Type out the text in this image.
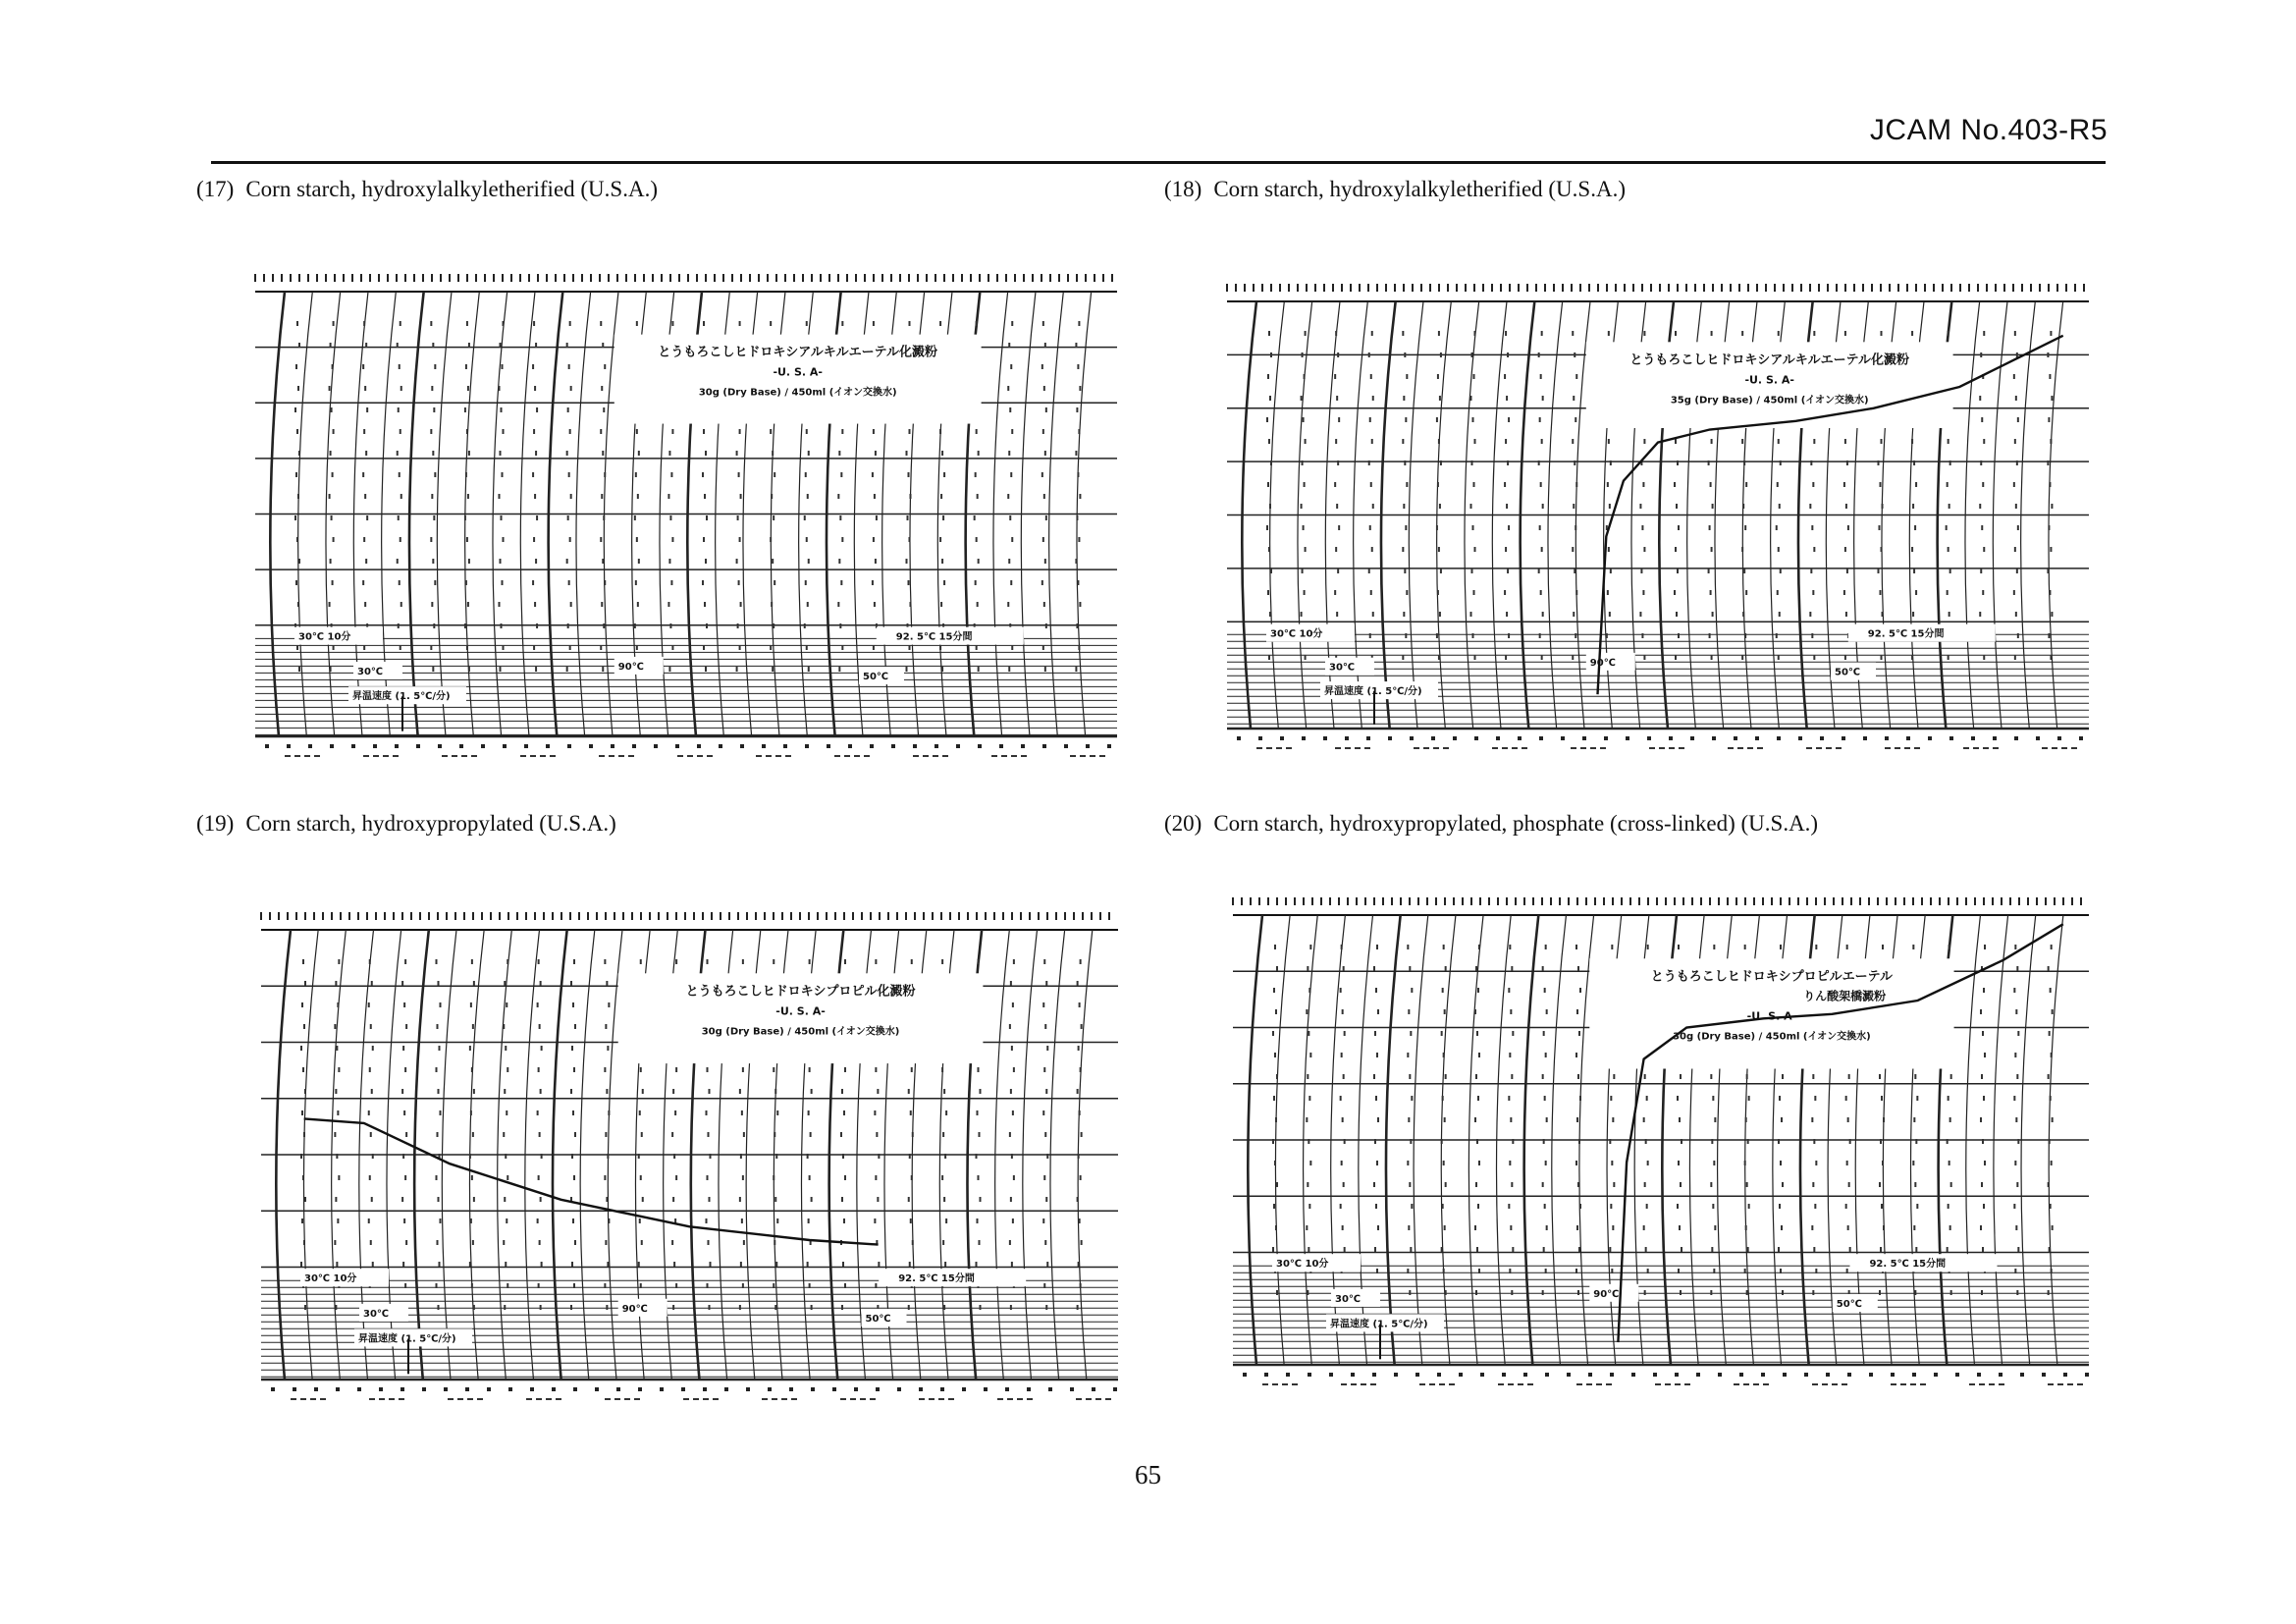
JCAM No.403-R5
(17) Corn starch, hydroxylalkyletherified (U.S.A.)	(18) Corn starch, hydroxylalkyletherified (U.S.A.)
(19) Corn starch, hydroxypropylated (U.S.A.)	(20) Corn starch, hydroxypropylated, phosphate (cross-linked) (U.S.A.)
とうもろこしヒドロキシアルキルエーテル化澱粉
-U. S. A-
30g (Dry Base) / 450ml (イオン交換水)
30℃ 10分
30℃
昇温速度 (1. 5℃/分)
90℃
92. 5℃ 15分間
50℃
とうもろこしヒドロキシアルキルエーテル化澱粉
-U. S. A-
35g (Dry Base) / 450ml (イオン交換水)
30℃ 10分
30℃
昇温速度 (1. 5℃/分)
90℃
92. 5℃ 15分間
50℃
とうもろこしヒドロキシプロピル化澱粉
-U. S. A-
30g (Dry Base) / 450ml (イオン交換水)
30℃ 10分
30℃
昇温速度 (1. 5℃/分)
90℃
92. 5℃ 15分間
50℃
とうもろこしヒドロキシプロピルエーテル
りん酸架橋澱粉
-U. S. A-
30g (Dry Base) / 450ml (イオン交換水)
30℃ 10分
30℃
昇温速度 (1. 5℃/分)
90℃
92. 5℃ 15分間
50℃
65
